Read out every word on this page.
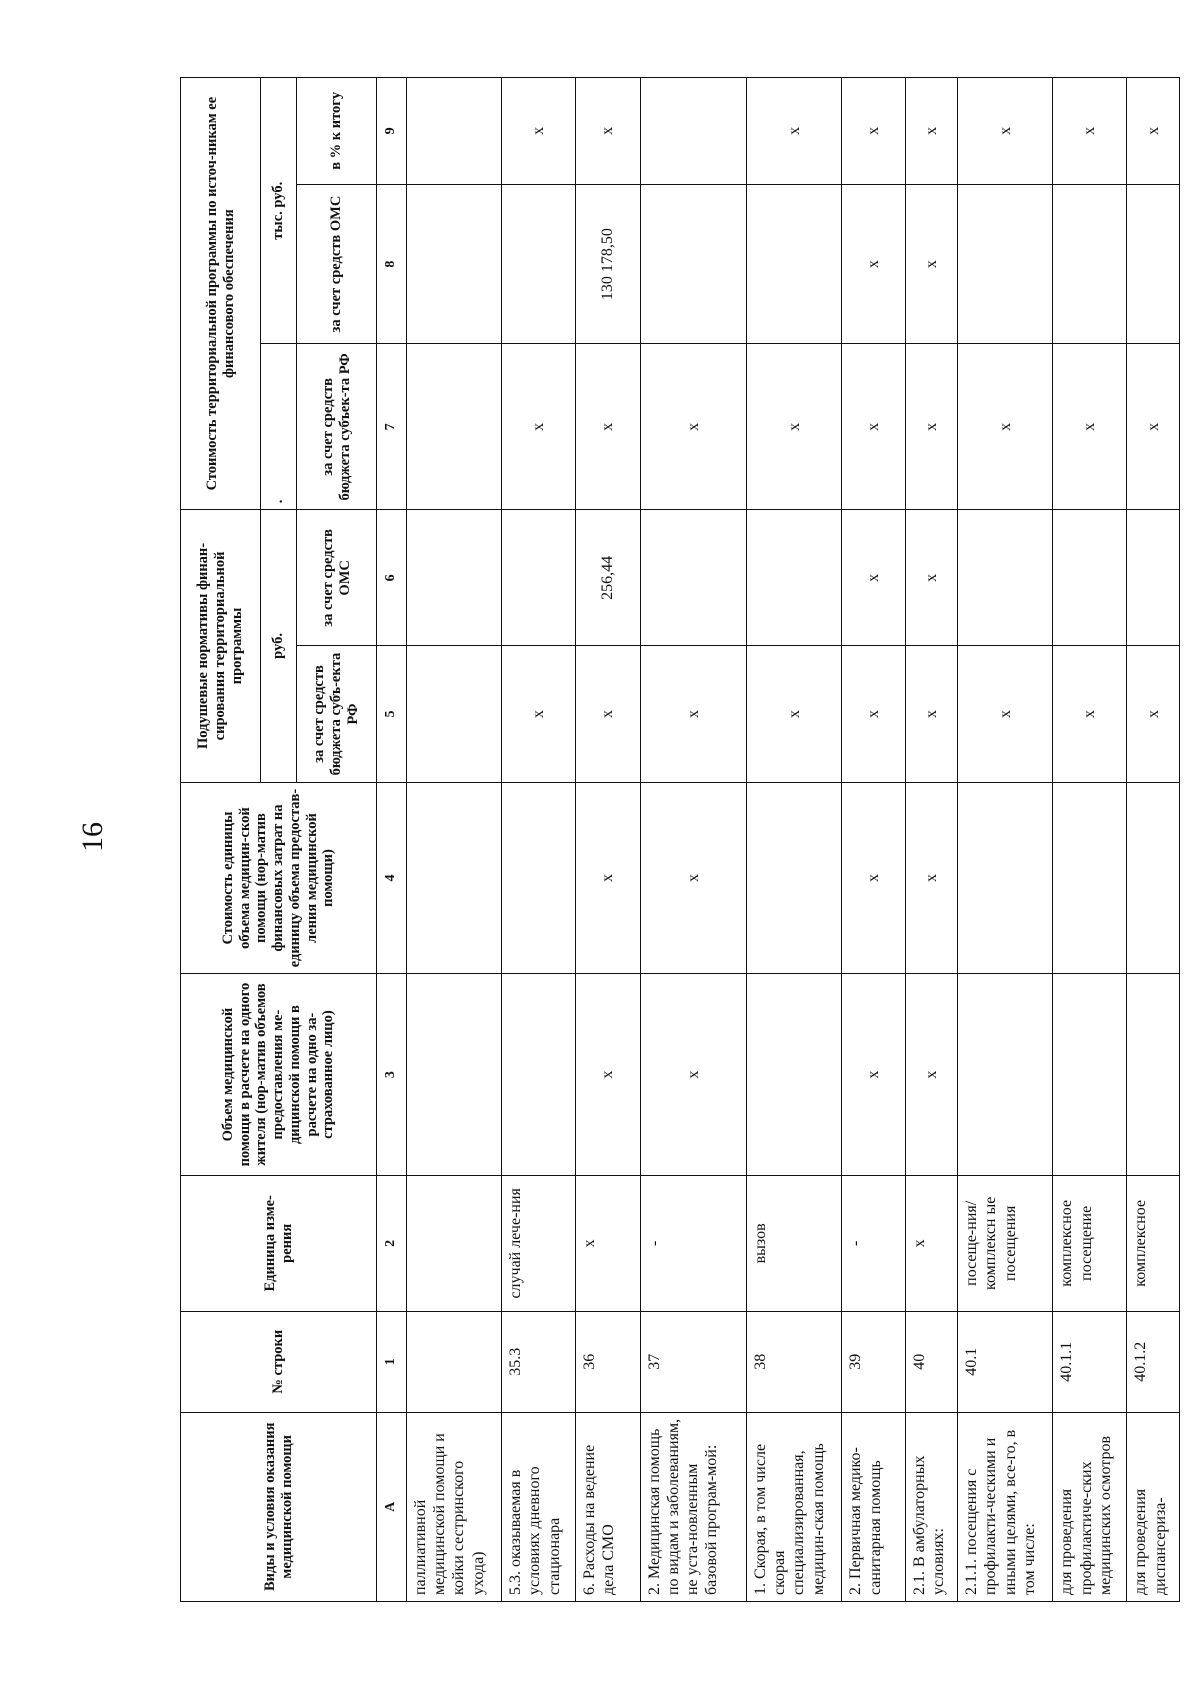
16
Виды и условия оказания медицинской помощи	№ строки	Единица изме-рения	Объем медицинской помощи в расчете на одного жителя (нор-матив объемов предоставления ме-дицинской помощи в расчете на одно за-страхованное лицо)	Стоимость единицы объема медицин-ской помощи (нор-матив финансовых затрат на единицу объема предостав-ления медицинской помощи)	Подушевые нормативы финан-сирования территориальной программы		Стоимость территориальной программы по источ-никам ее финансового обеспечения		
					руб.		.	тыс. руб.	
					за счет средств бюджета субъ-екта РФ	за счет средств ОМС	за счет средств бюджета субъек-та РФ	за счет средств ОМС	в % к итогу
А	1	2	3	4	5	6	7	8	9
паллиативной медицинской помощи и койки сестринского ухода)									
5.3. оказываемая в условиях дневного стационара	35.3	случай лече-ния			х		х		х
6. Расходы на ведение дела СМО	36	х	х	х	х	256,44	х	130 178,50	х
2. Медицинская помощь по видам и заболеваниям, не уста-новленным базовой програм-мой:	37	-	х	х	х		х		
1. Скорая, в том числе скорая специализированная, медицин-ская помощь	38	вызов			х		х		х
2. Первичная медико-санитарная помощь	39	-	х	х	х	х	х	х	х
2.1. В амбулаторных условиях:	40	х	х	х	х	х	х	х	х
2.1.1. посещения с профилакти-ческими и иными целями, все-го, в том числе:	40.1	посеще-ния/комплексн ые посещения			х		х		х
для проведения профилактиче-ских медицинских осмотров	40.1.1	комплексное посещение			х		х		х
для проведения диспансериза-	40.1.2	комплексное			х		х		х
